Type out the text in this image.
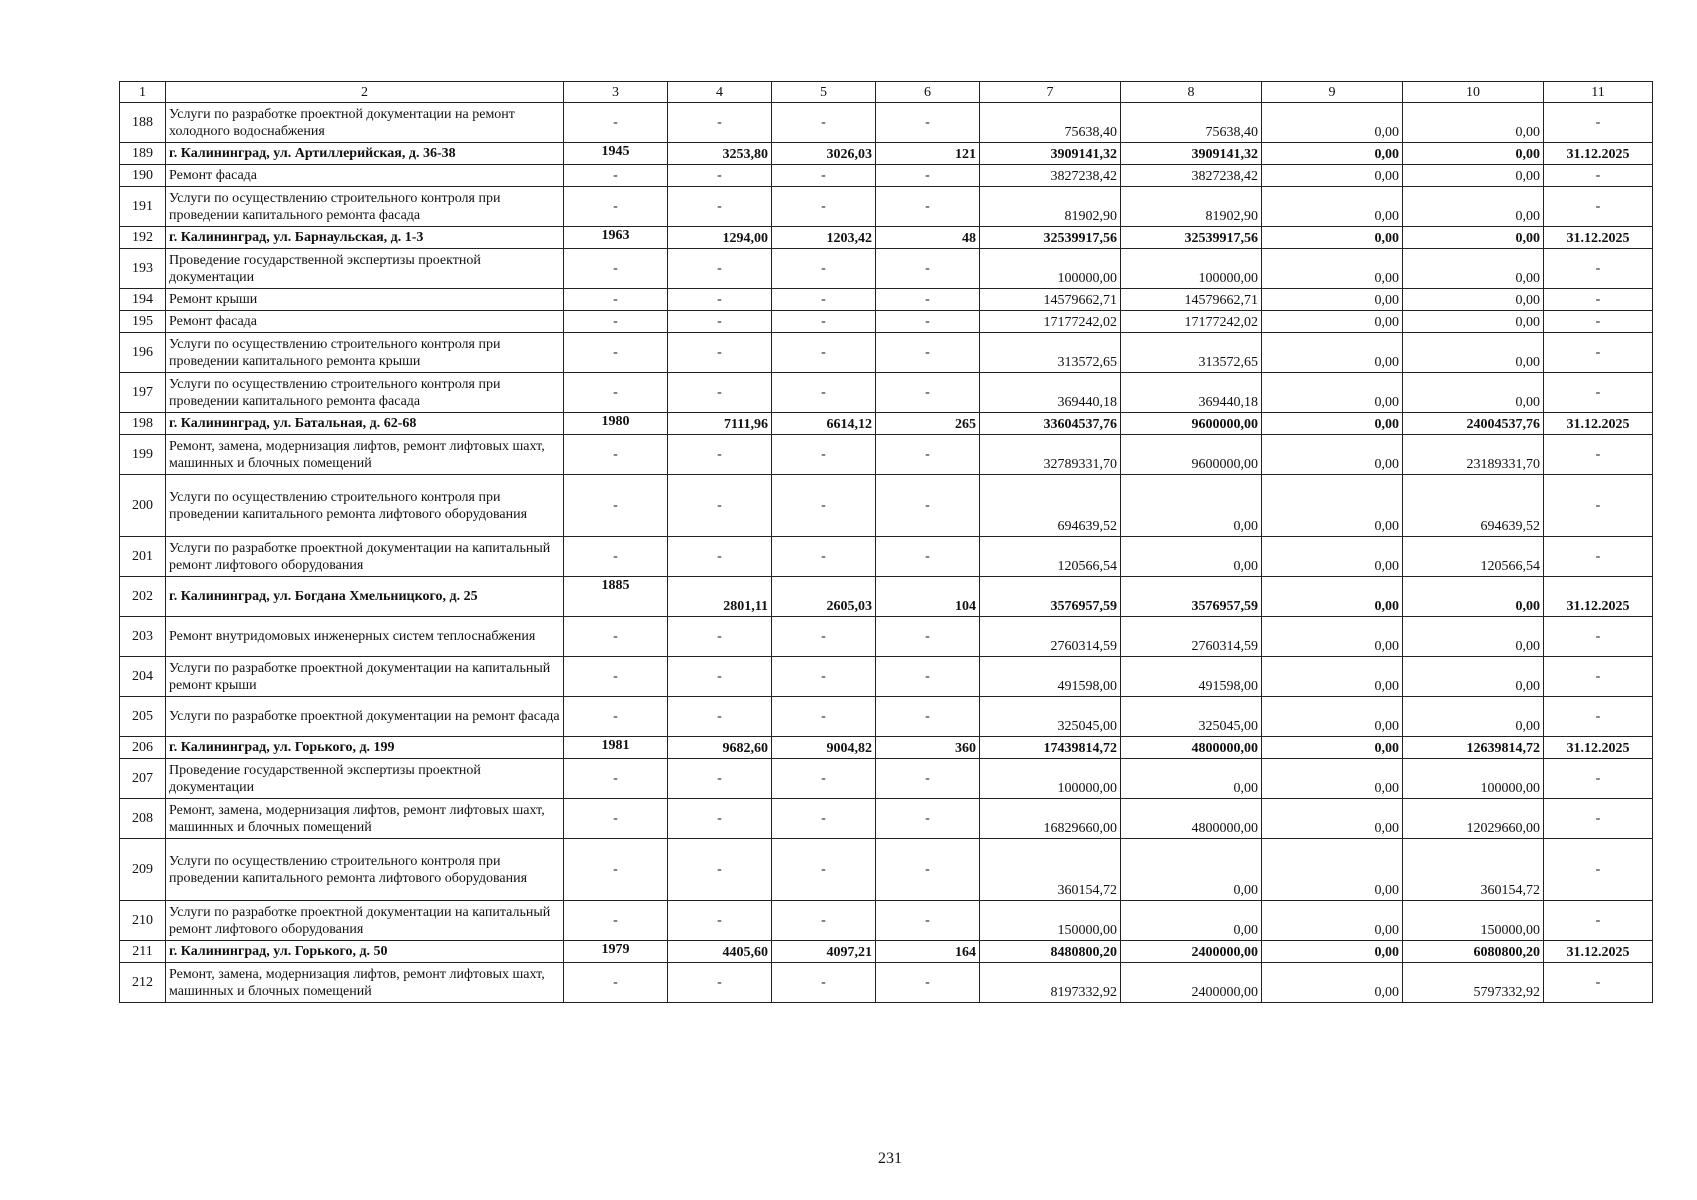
1	2	3	4	5	6	7	8	9	10	11
188	Услуги по разработке проектной документации на ремонт холодного водоснабжения	-	-	-	-	75638,40	75638,40	0,00	0,00	-
189	г. Калининград, ул. Артиллерийская, д. 36-38	1945	3253,80	3026,03	121	3909141,32	3909141,32	0,00	0,00	31.12.2025
190	Ремонт фасада	-	-	-	-	3827238,42	3827238,42	0,00	0,00	-
191	Услуги по осуществлению строительного контроля при проведении капитального ремонта фасада	-	-	-	-	81902,90	81902,90	0,00	0,00	-
192	г. Калининград, ул. Барнаульская, д. 1-3	1963	1294,00	1203,42	48	32539917,56	32539917,56	0,00	0,00	31.12.2025
193	Проведение государственной экспертизы проектной документации	-	-	-	-	100000,00	100000,00	0,00	0,00	-
194	Ремонт крыши	-	-	-	-	14579662,71	14579662,71	0,00	0,00	-
195	Ремонт фасада	-	-	-	-	17177242,02	17177242,02	0,00	0,00	-
196	Услуги по осуществлению строительного контроля при проведении капитального ремонта крыши	-	-	-	-	313572,65	313572,65	0,00	0,00	-
197	Услуги по осуществлению строительного контроля при проведении капитального ремонта фасада	-	-	-	-	369440,18	369440,18	0,00	0,00	-
198	г. Калининград, ул. Батальная, д. 62-68	1980	7111,96	6614,12	265	33604537,76	9600000,00	0,00	24004537,76	31.12.2025
199	Ремонт, замена, модернизация лифтов, ремонт лифтовых шахт, машинных и блочных помещений	-	-	-	-	32789331,70	9600000,00	0,00	23189331,70	-
200	Услуги по осуществлению строительного контроля при проведении капитального ремонта лифтового оборудования	-	-	-	-	694639,52	0,00	0,00	694639,52	-
201	Услуги по разработке проектной документации на капитальный ремонт лифтового оборудования	-	-	-	-	120566,54	0,00	0,00	120566,54	-
202	г. Калининград, ул. Богдана Хмельницкого, д. 25	1885	2801,11	2605,03	104	3576957,59	3576957,59	0,00	0,00	31.12.2025
203	Ремонт внутридомовых инженерных систем теплоснабжения	-	-	-	-	2760314,59	2760314,59	0,00	0,00	-
204	Услуги по разработке проектной документации на капитальный ремонт крыши	-	-	-	-	491598,00	491598,00	0,00	0,00	-
205	Услуги по разработке проектной документации на ремонт фасада	-	-	-	-	325045,00	325045,00	0,00	0,00	-
206	г. Калининград, ул. Горького, д. 199	1981	9682,60	9004,82	360	17439814,72	4800000,00	0,00	12639814,72	31.12.2025
207	Проведение государственной экспертизы проектной документации	-	-	-	-	100000,00	0,00	0,00	100000,00	-
208	Ремонт, замена, модернизация лифтов, ремонт лифтовых шахт, машинных и блочных помещений	-	-	-	-	16829660,00	4800000,00	0,00	12029660,00	-
209	Услуги по осуществлению строительного контроля при проведении капитального ремонта лифтового оборудования	-	-	-	-	360154,72	0,00	0,00	360154,72	-
210	Услуги по разработке проектной документации на капитальный ремонт лифтового оборудования	-	-	-	-	150000,00	0,00	0,00	150000,00	-
211	г. Калининград, ул. Горького, д. 50	1979	4405,60	4097,21	164	8480800,20	2400000,00	0,00	6080800,20	31.12.2025
212	Ремонт, замена, модернизация лифтов, ремонт лифтовых шахт, машинных и блочных помещений	-	-	-	-	8197332,92	2400000,00	0,00	5797332,92	-
231
